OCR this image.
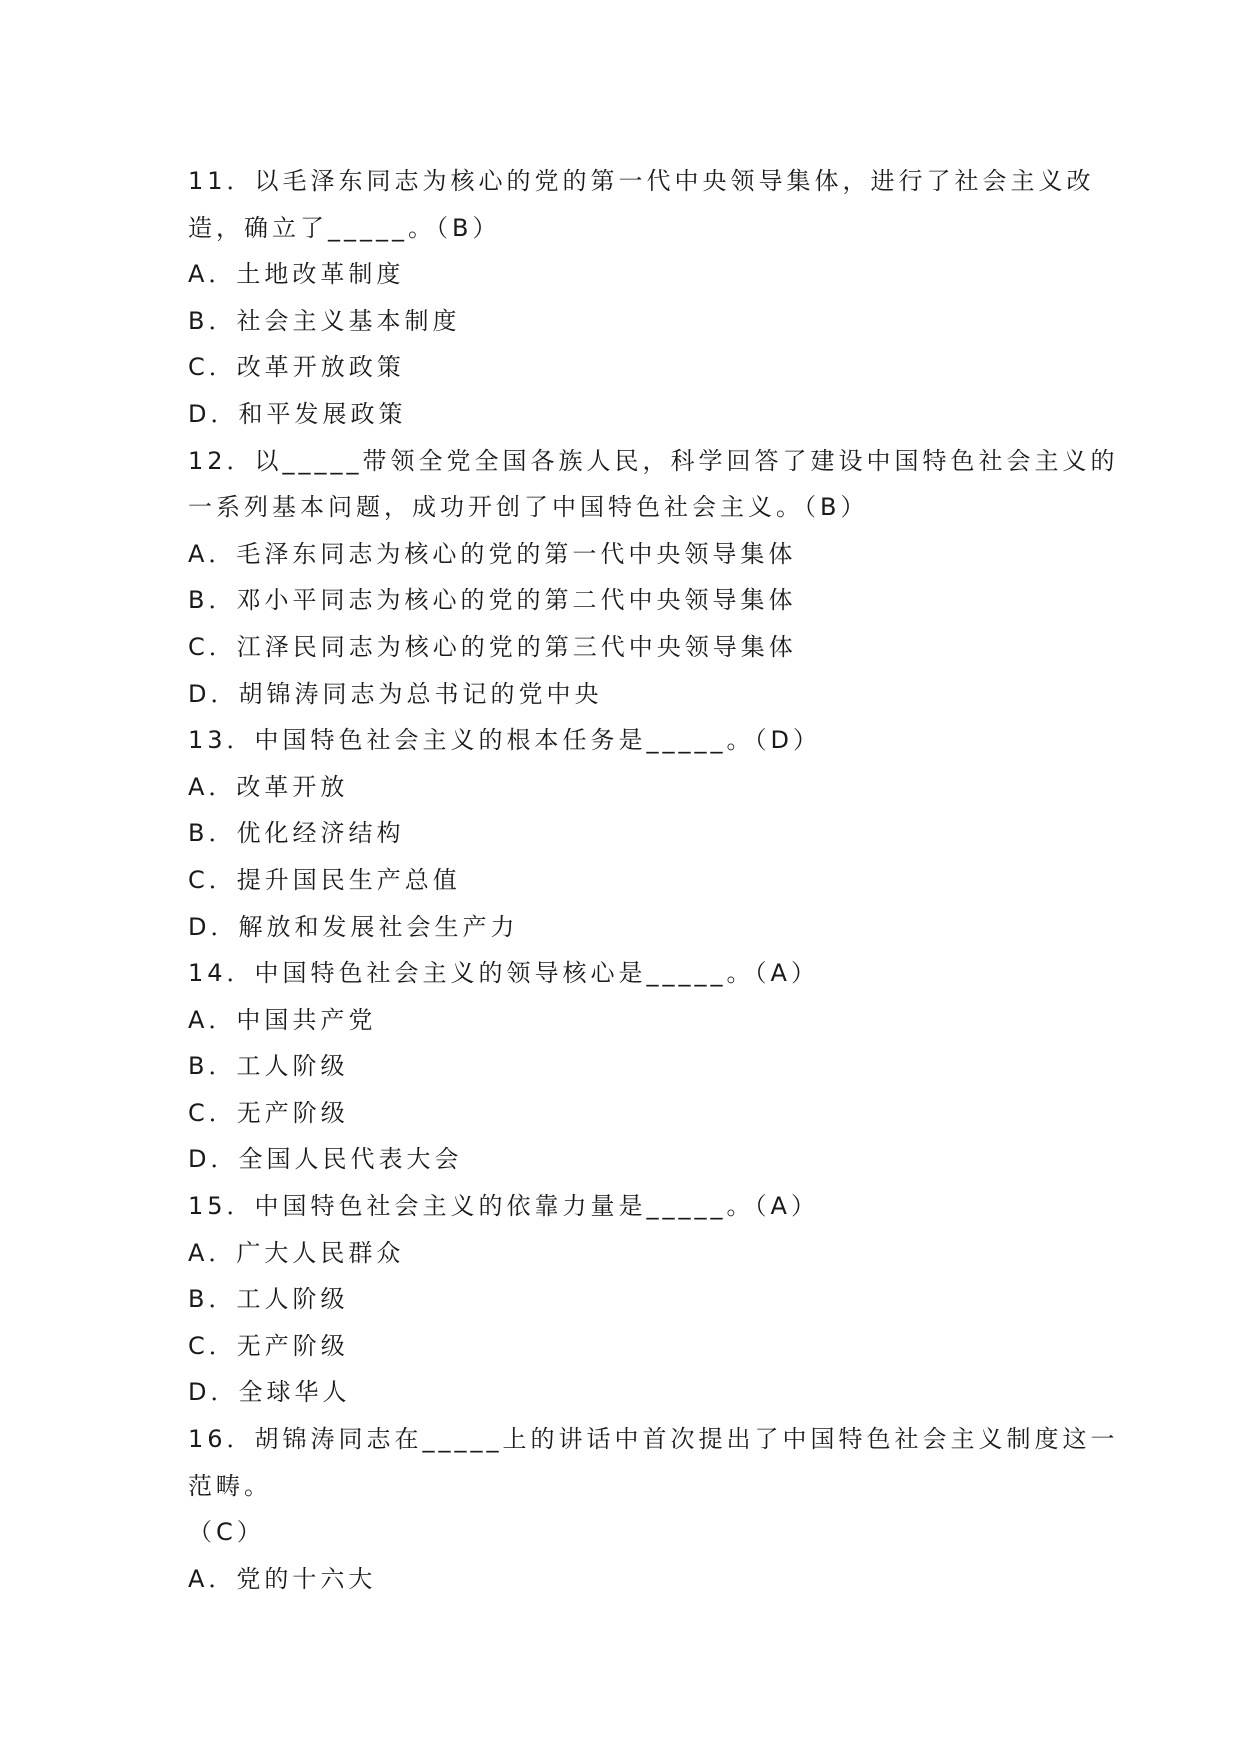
11．以毛泽东同志为核心的党的第一代中央领导集体，进行了社会主义改
造，确立了_____。（B）
A．土地改革制度
B．社会主义基本制度
C．改革开放政策
D．和平发展政策
12．以_____带领全党全国各族人民，科学回答了建设中国特色社会主义的
一系列基本问题，成功开创了中国特色社会主义。（B）
A．毛泽东同志为核心的党的第一代中央领导集体
B．邓小平同志为核心的党的第二代中央领导集体
C．江泽民同志为核心的党的第三代中央领导集体
D．胡锦涛同志为总书记的党中央
13．中国特色社会主义的根本任务是_____。（D）
A．改革开放
B．优化经济结构
C．提升国民生产总值
D．解放和发展社会生产力
14．中国特色社会主义的领导核心是_____。（A）
A．中国共产党
B．工人阶级
C．无产阶级
D．全国人民代表大会
15．中国特色社会主义的依靠力量是_____。（A）
A．广大人民群众
B．工人阶级
C．无产阶级
D．全球华人
16．胡锦涛同志在_____上的讲话中首次提出了中国特色社会主义制度这一
范畴。
（C）
A．党的十六大
